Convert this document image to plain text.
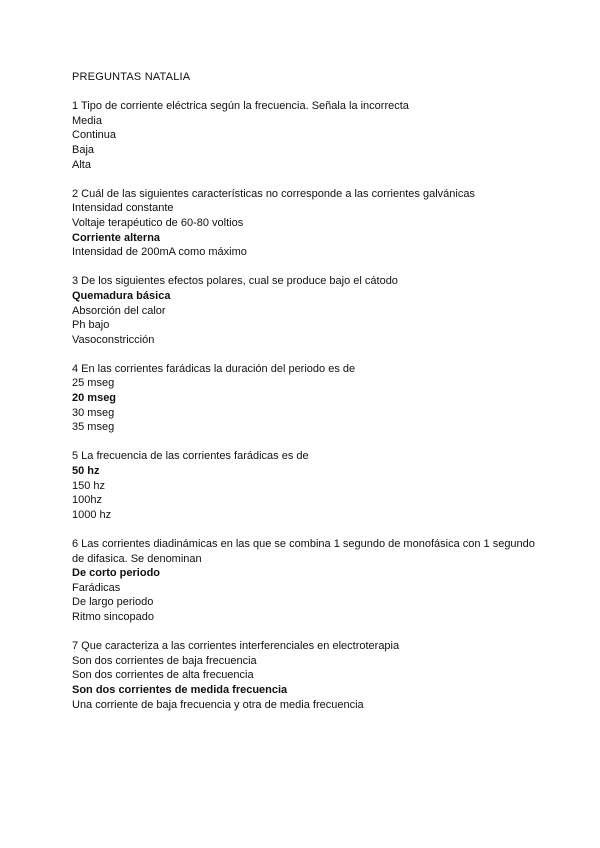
PREGUNTAS NATALIA
1 Tipo de corriente eléctrica según la frecuencia. Señala la incorrecta
Media
Continua
Baja
Alta
2 Cuál de las siguientes características no corresponde a las corrientes galvánicas
Intensidad constante
Voltaje terapéutico de 60-80 voltios
Corriente alterna
Intensidad de 200mA como máximo
3 De los siguientes efectos polares, cual se produce bajo el cátodo
Quemadura básica
Absorción del calor
Ph bajo
Vasoconstricción
4 En las corrientes farádicas la duración del periodo es de
25 mseg
20 mseg
30 mseg
35 mseg
5 La frecuencia de las corrientes farádicas es de
50 hz
150 hz
100hz
1000 hz
6 Las corrientes diadinámicas en las que se combina 1 segundo de monofásica con 1 segundo de difasica. Se denominan
De corto periodo
Farádicas
De largo periodo
Ritmo sincopado
7 Que caracteriza a las corrientes interferenciales en electroterapia
Son dos corrientes de baja frecuencia
Son dos corrientes de alta frecuencia
Son dos corrientes de medida frecuencia
Una corriente de baja frecuencia y otra de media frecuencia
